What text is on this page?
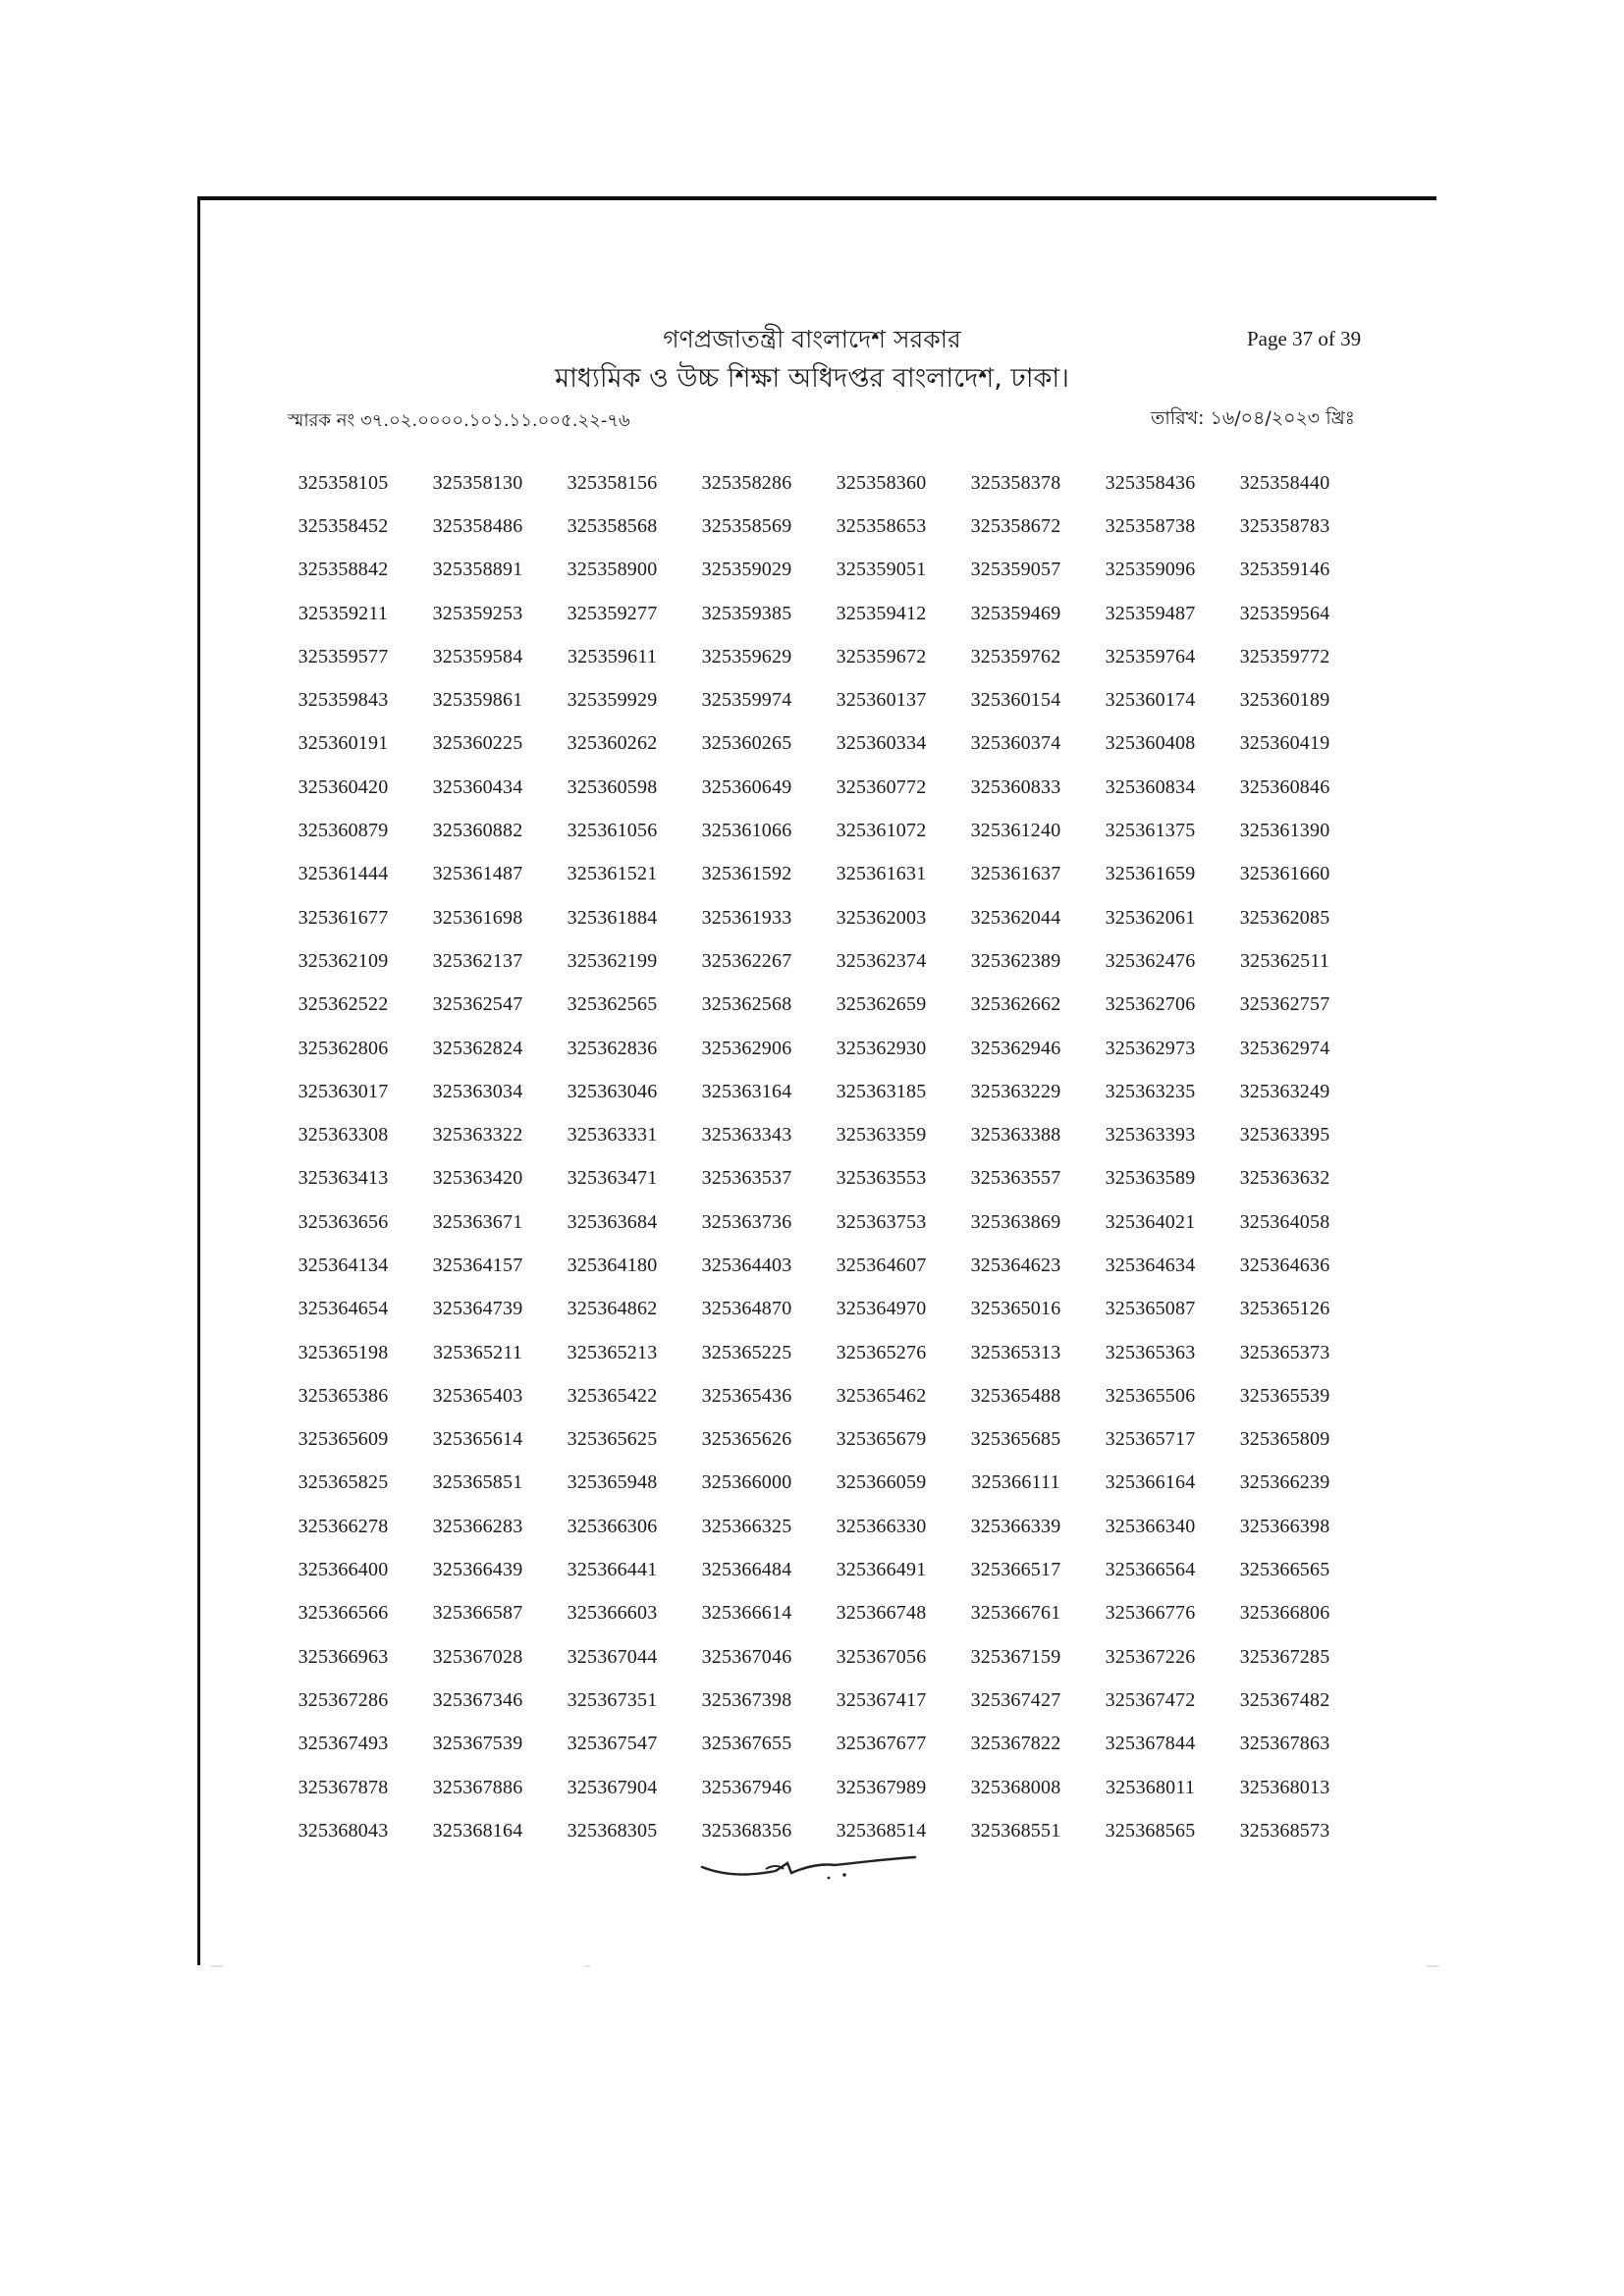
গণপ্রজাতন্ত্রী বাংলাদেশ সরকার
মাধ্যমিক ও উচ্চ শিক্ষা অধিদপ্তর বাংলাদেশ, ঢাকা।
Page 37 of 39
স্মারক নং ৩৭.০২.০০০০.১০১.১১.০০৫.২২-৭৬	তারিখ: ১৬/০৪/২০২৩ খ্রিঃ
325358105	325358130	325358156	325358286	325358360	325358378	325358436	325358440
325358452	325358486	325358568	325358569	325358653	325358672	325358738	325358783
325358842	325358891	325358900	325359029	325359051	325359057	325359096	325359146
325359211	325359253	325359277	325359385	325359412	325359469	325359487	325359564
325359577	325359584	325359611	325359629	325359672	325359762	325359764	325359772
325359843	325359861	325359929	325359974	325360137	325360154	325360174	325360189
325360191	325360225	325360262	325360265	325360334	325360374	325360408	325360419
325360420	325360434	325360598	325360649	325360772	325360833	325360834	325360846
325360879	325360882	325361056	325361066	325361072	325361240	325361375	325361390
325361444	325361487	325361521	325361592	325361631	325361637	325361659	325361660
325361677	325361698	325361884	325361933	325362003	325362044	325362061	325362085
325362109	325362137	325362199	325362267	325362374	325362389	325362476	325362511
325362522	325362547	325362565	325362568	325362659	325362662	325362706	325362757
325362806	325362824	325362836	325362906	325362930	325362946	325362973	325362974
325363017	325363034	325363046	325363164	325363185	325363229	325363235	325363249
325363308	325363322	325363331	325363343	325363359	325363388	325363393	325363395
325363413	325363420	325363471	325363537	325363553	325363557	325363589	325363632
325363656	325363671	325363684	325363736	325363753	325363869	325364021	325364058
325364134	325364157	325364180	325364403	325364607	325364623	325364634	325364636
325364654	325364739	325364862	325364870	325364970	325365016	325365087	325365126
325365198	325365211	325365213	325365225	325365276	325365313	325365363	325365373
325365386	325365403	325365422	325365436	325365462	325365488	325365506	325365539
325365609	325365614	325365625	325365626	325365679	325365685	325365717	325365809
325365825	325365851	325365948	325366000	325366059	325366111	325366164	325366239
325366278	325366283	325366306	325366325	325366330	325366339	325366340	325366398
325366400	325366439	325366441	325366484	325366491	325366517	325366564	325366565
325366566	325366587	325366603	325366614	325366748	325366761	325366776	325366806
325366963	325367028	325367044	325367046	325367056	325367159	325367226	325367285
325367286	325367346	325367351	325367398	325367417	325367427	325367472	325367482
325367493	325367539	325367547	325367655	325367677	325367822	325367844	325367863
325367878	325367886	325367904	325367946	325367989	325368008	325368011	325368013
325368043	325368164	325368305	325368356	325368514	325368551	325368565	325368573
